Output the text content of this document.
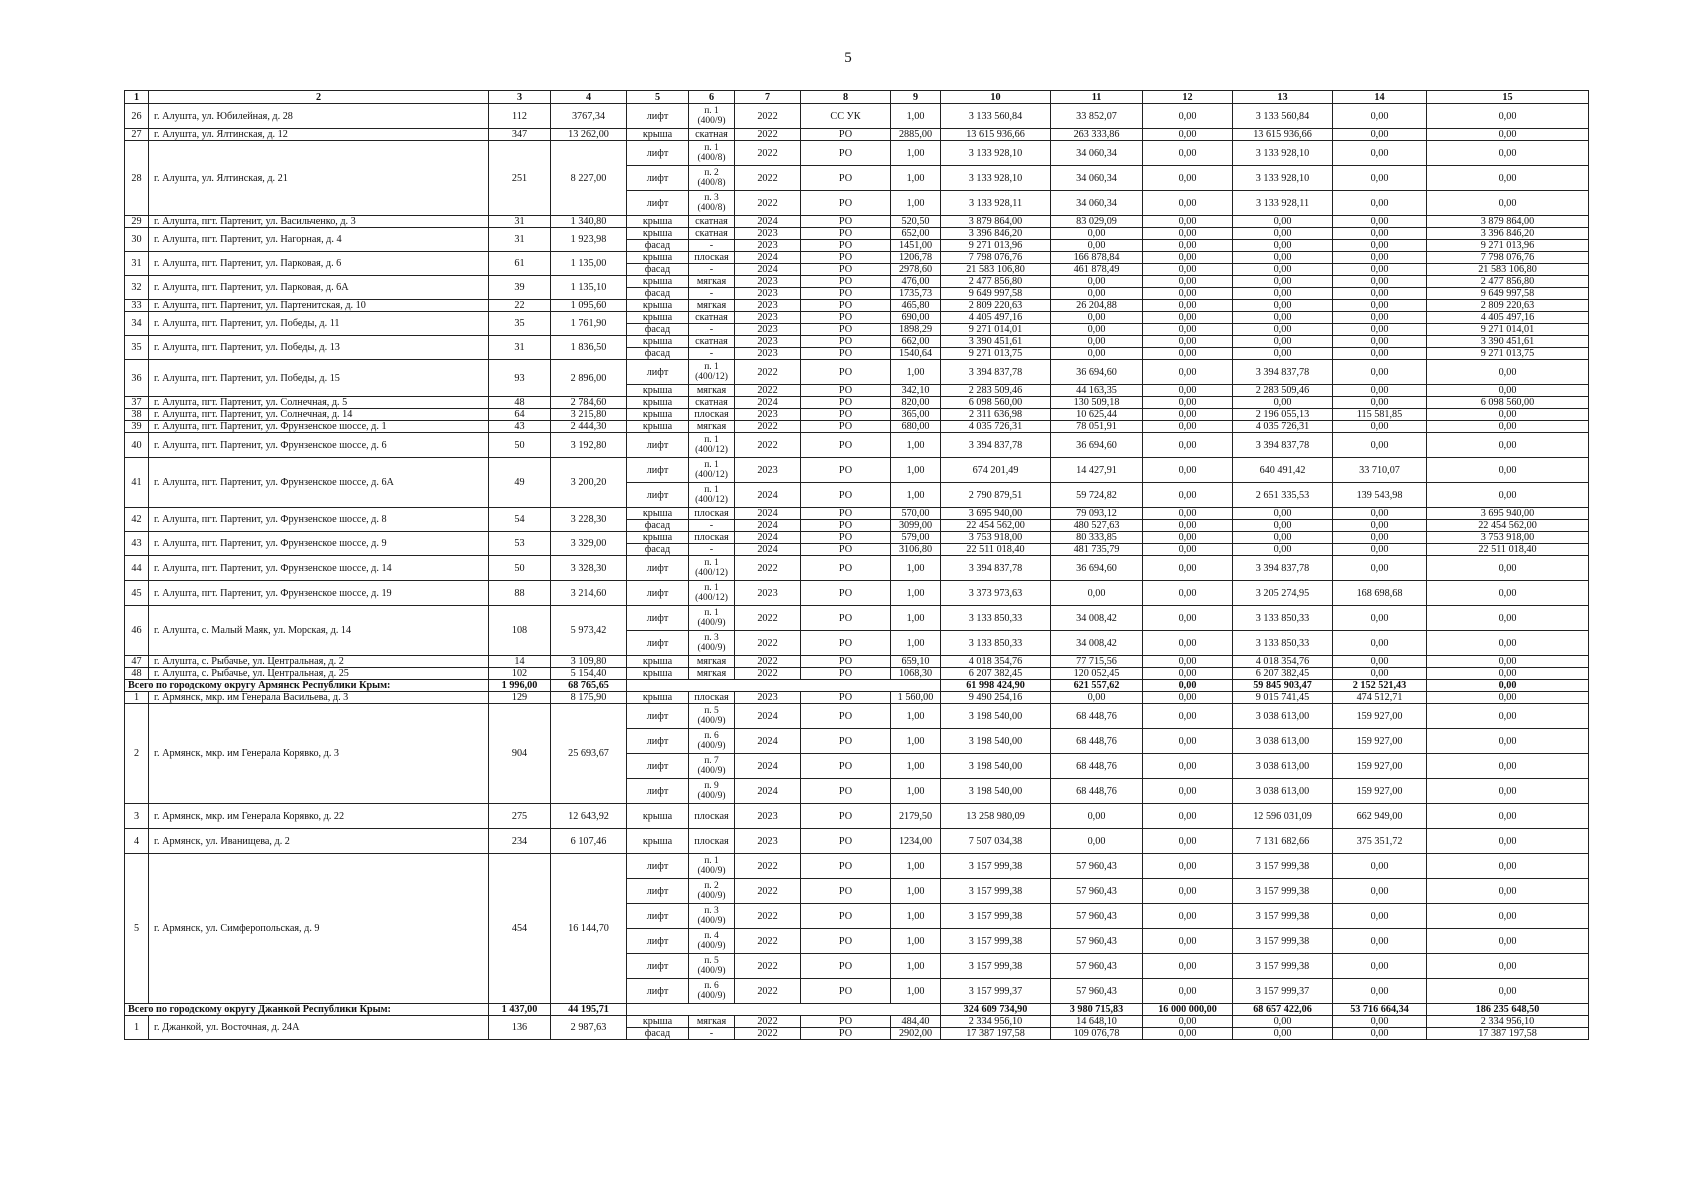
5
1	2	3	4	5	6	7	8	9	10	11	12	13	14	15
26	г. Алушта, ул. Юбилейная, д. 28	112	3767,34	лифт	п. 1 (400/9)	2022	СС УК	1,00	3 133 560,84	33 852,07	0,00	3 133 560,84	0,00	0,00
27	г. Алушта, ул. Ялтинская, д. 12	347	13 262,00	крыша	скатная	2022	РО	2885,00	13 615 936,66	263 333,86	0,00	13 615 936,66	0,00	0,00
28	г. Алушта, ул. Ялтинская, д. 21	251	8 227,00	лифт	п. 1 (400/8)	2022	РО	1,00	3 133 928,10	34 060,34	0,00	3 133 928,10	0,00	0,00
				лифт	п. 2 (400/8)	2022	РО	1,00	3 133 928,10	34 060,34	0,00	3 133 928,10	0,00	0,00
				лифт	п. 3 (400/8)	2022	РО	1,00	3 133 928,11	34 060,34	0,00	3 133 928,11	0,00	0,00
29	г. Алушта, пгт. Партенит, ул. Васильченко, д. 3	31	1 340,80	крыша	скатная	2024	РО	520,50	3 879 864,00	83 029,09	0,00	0,00	0,00	3 879 864,00
30	г. Алушта, пгт. Партенит, ул. Нагорная, д. 4	31	1 923,98	крыша	скатная	2023	РО	652,00	3 396 846,20	0,00	0,00	0,00	0,00	3 396 846,20
				фасад	-	2023	РО	1451,00	9 271 013,96	0,00	0,00	0,00	0,00	9 271 013,96
31	г. Алушта, пгт. Партенит, ул. Парковая, д. 6	61	1 135,00	крыша	плоская	2024	РО	1206,78	7 798 076,76	166 878,84	0,00	0,00	0,00	7 798 076,76
				фасад	-	2024	РО	2978,60	21 583 106,80	461 878,49	0,00	0,00	0,00	21 583 106,80
32	г. Алушта, пгт. Партенит, ул. Парковая, д. 6А	39	1 135,10	крыша	мягкая	2023	РО	476,00	2 477 856,80	0,00	0,00	0,00	0,00	2 477 856,80
				фасад	-	2023	РО	1735,73	9 649 997,58	0,00	0,00	0,00	0,00	9 649 997,58
33	г. Алушта, пгт. Партенит, ул. Партенитская, д. 10	22	1 095,60	крыша	мягкая	2023	РО	465,80	2 809 220,63	26 204,88	0,00	0,00	0,00	2 809 220,63
34	г. Алушта, пгт. Партенит, ул. Победы, д. 11	35	1 761,90	крыша	скатная	2023	РО	690,00	4 405 497,16	0,00	0,00	0,00	0,00	4 405 497,16
				фасад	-	2023	РО	1898,29	9 271 014,01	0,00	0,00	0,00	0,00	9 271 014,01
35	г. Алушта, пгт. Партенит, ул. Победы, д. 13	31	1 836,50	крыша	скатная	2023	РО	662,00	3 390 451,61	0,00	0,00	0,00	0,00	3 390 451,61
				фасад	-	2023	РО	1540,64	9 271 013,75	0,00	0,00	0,00	0,00	9 271 013,75
36	г. Алушта, пгт. Партенит, ул. Победы, д. 15	93	2 896,00	лифт	п. 1 (400/12)	2022	РО	1,00	3 394 837,78	36 694,60	0,00	3 394 837,78	0,00	0,00
				крыша	мягкая	2022	РО	342,10	2 283 509,46	44 163,35	0,00	2 283 509,46	0,00	0,00
37	г. Алушта, пгт. Партенит, ул. Солнечная, д. 5	48	2 784,60	крыша	скатная	2024	РО	820,00	6 098 560,00	130 509,18	0,00	0,00	0,00	6 098 560,00
38	г. Алушта, пгт. Партенит, ул. Солнечная, д. 14	64	3 215,80	крыша	плоская	2023	РО	365,00	2 311 636,98	10 625,44	0,00	2 196 055,13	115 581,85	0,00
39	г. Алушта, пгт. Партенит, ул. Фрунзенское шоссе, д. 1	43	2 444,30	крыша	мягкая	2022	РО	680,00	4 035 726,31	78 051,91	0,00	4 035 726,31	0,00	0,00
40	г. Алушта, пгт. Партенит, ул. Фрунзенское шоссе, д. 6	50	3 192,80	лифт	п. 1 (400/12)	2022	РО	1,00	3 394 837,78	36 694,60	0,00	3 394 837,78	0,00	0,00
41	г. Алушта, пгт. Партенит, ул. Фрунзенское шоссе, д. 6А	49	3 200,20	лифт	п. 1 (400/12)	2023	РО	1,00	674 201,49	14 427,91	0,00	640 491,42	33 710,07	0,00
				лифт	п. 1 (400/12)	2024	РО	1,00	2 790 879,51	59 724,82	0,00	2 651 335,53	139 543,98	0,00
42	г. Алушта, пгт. Партенит, ул. Фрунзенское шоссе, д. 8	54	3 228,30	крыша	плоская	2024	РО	570,00	3 695 940,00	79 093,12	0,00	0,00	0,00	3 695 940,00
				фасад	-	2024	РО	3099,00	22 454 562,00	480 527,63	0,00	0,00	0,00	22 454 562,00
43	г. Алушта, пгт. Партенит, ул. Фрунзенское шоссе, д. 9	53	3 329,00	крыша	плоская	2024	РО	579,00	3 753 918,00	80 333,85	0,00	0,00	0,00	3 753 918,00
				фасад	-	2024	РО	3106,80	22 511 018,40	481 735,79	0,00	0,00	0,00	22 511 018,40
44	г. Алушта, пгт. Партенит, ул. Фрунзенское шоссе, д. 14	50	3 328,30	лифт	п. 1 (400/12)	2022	РО	1,00	3 394 837,78	36 694,60	0,00	3 394 837,78	0,00	0,00
45	г. Алушта, пгт. Партенит, ул. Фрунзенское шоссе, д. 19	88	3 214,60	лифт	п. 1 (400/12)	2023	РО	1,00	3 373 973,63	0,00	0,00	3 205 274,95	168 698,68	0,00
46	г. Алушта, с. Малый Маяк, ул. Морская, д. 14	108	5 973,42	лифт	п. 1 (400/9)	2022	РО	1,00	3 133 850,33	34 008,42	0,00	3 133 850,33	0,00	0,00
				лифт	п. 3 (400/9)	2022	РО	1,00	3 133 850,33	34 008,42	0,00	3 133 850,33	0,00	0,00
47	г. Алушта, с. Рыбачье, ул. Центральная, д. 2	14	3 109,80	крыша	мягкая	2022	РО	659,10	4 018 354,76	77 715,56	0,00	4 018 354,76	0,00	0,00
48	г. Алушта, с. Рыбачье, ул. Центральная, д. 25	102	5 154,40	крыша	мягкая	2022	РО	1068,30	6 207 382,45	120 052,45	0,00	6 207 382,45	0,00	0,00
Всего по городскому округу Армянск Республики Крым:		1 996,00	68 765,65						61 998 424,90	621 557,62	0,00	59 845 903,47	2 152 521,43	0,00
1	г. Армянск, мкр. им Генерала Васильева, д. 3	129	8 175,90	крыша	плоская	2023	РО	1 560,00	9 490 254,16	0,00	0,00	9 015 741,45	474 512,71	0,00
2	г. Армянск, мкр. им Генерала Корявко, д. 3	904	25 693,67	лифт	п. 5 (400/9)	2024	РО	1,00	3 198 540,00	68 448,76	0,00	3 038 613,00	159 927,00	0,00
				лифт	п. 6 (400/9)	2024	РО	1,00	3 198 540,00	68 448,76	0,00	3 038 613,00	159 927,00	0,00
				лифт	п. 7 (400/9)	2024	РО	1,00	3 198 540,00	68 448,76	0,00	3 038 613,00	159 927,00	0,00
				лифт	п. 9 (400/9)	2024	РО	1,00	3 198 540,00	68 448,76	0,00	3 038 613,00	159 927,00	0,00
3	г. Армянск, мкр. им Генерала Корявко, д. 22	275	12 643,92	крыша	плоская	2023	РО	2179,50	13 258 980,09	0,00	0,00	12 596 031,09	662 949,00	0,00
4	г. Армянск, ул. Иванищева, д. 2	234	6 107,46	крыша	плоская	2023	РО	1234,00	7 507 034,38	0,00	0,00	7 131 682,66	375 351,72	0,00
5	г. Армянск, ул. Симферопольская, д. 9	454	16 144,70	лифт	п. 1 (400/9)	2022	РО	1,00	3 157 999,38	57 960,43	0,00	3 157 999,38	0,00	0,00
				лифт	п. 2 (400/9)	2022	РО	1,00	3 157 999,38	57 960,43	0,00	3 157 999,38	0,00	0,00
				лифт	п. 3 (400/9)	2022	РО	1,00	3 157 999,38	57 960,43	0,00	3 157 999,38	0,00	0,00
				лифт	п. 4 (400/9)	2022	РО	1,00	3 157 999,38	57 960,43	0,00	3 157 999,38	0,00	0,00
				лифт	п. 5 (400/9)	2022	РО	1,00	3 157 999,38	57 960,43	0,00	3 157 999,38	0,00	0,00
				лифт	п. 6 (400/9)	2022	РО	1,00	3 157 999,37	57 960,43	0,00	3 157 999,37	0,00	0,00
Всего по городскому округу Джанкой Республики Крым:		1 437,00	44 195,71						324 609 734,90	3 980 715,83	16 000 000,00	68 657 422,06	53 716 664,34	186 235 648,50
1	г. Джанкой, ул. Восточная, д. 24А	136	2 987,63	крыша	мягкая	2022	РО	484,40	2 334 956,10	14 648,10	0,00	0,00	0,00	2 334 956,10
				фасад	-	2022	РО	2902,00	17 387 197,58	109 076,78	0,00	0,00	0,00	17 387 197,58
